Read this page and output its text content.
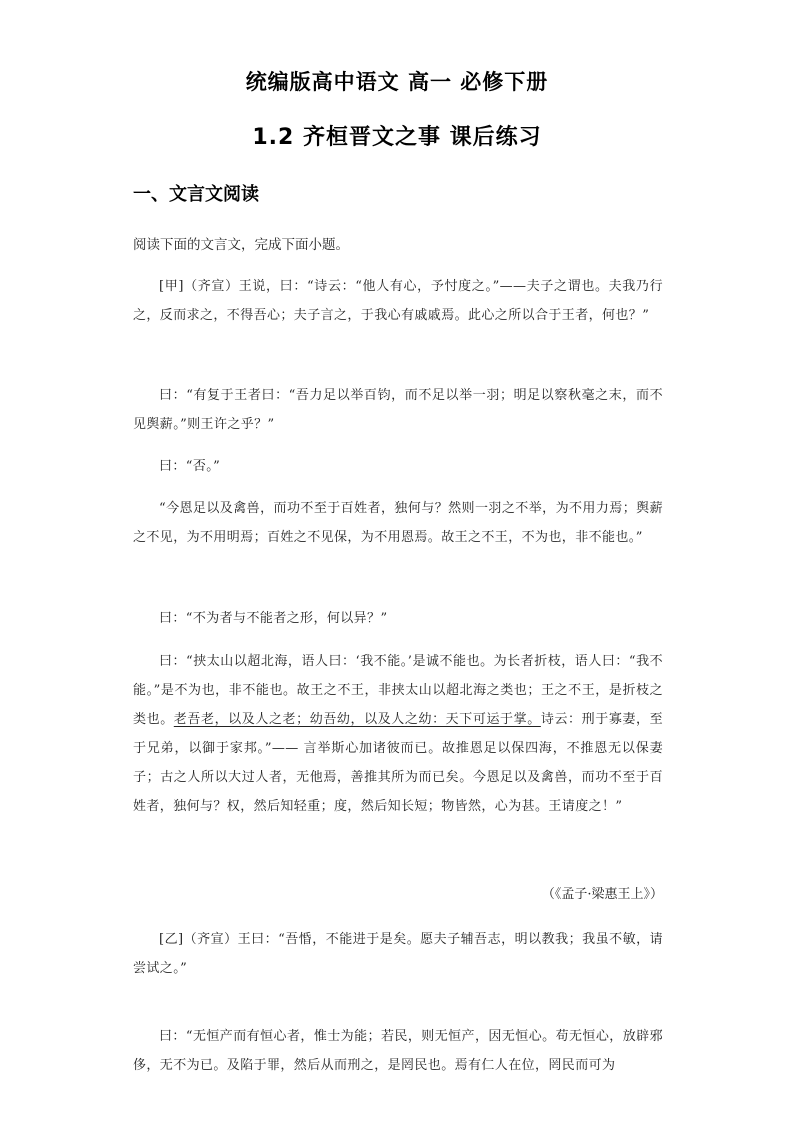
统编版高中语文 高一 必修下册
1.2 齐桓晋文之事 课后练习
一、文言文阅读
阅读下面的文言文，完成下面小题。
[甲]（齐宣）王说，曰：“诗云：“他人有心，予忖度之。”——夫子之谓也。夫我乃行之，反而求之，不得吾心；夫子言之，于我心有戚戚焉。此心之所以合于王者，何也？”
曰：“有复于王者曰：“吾力足以举百钧，而不足以举一羽；明足以察秋毫之末，而不见舆薪。”则王许之乎？”
曰：“否。”
“今恩足以及禽兽，而功不至于百姓者，独何与？然则一羽之不举，为不用力焉；舆薪之不见，为不用明焉；百姓之不见保，为不用恩焉。故王之不王，不为也，非不能也。”
曰：“不为者与不能者之形，何以异？”
曰：“挟太山以超北海，语人曰：‘我不能。’是诚不能也。为长者折枝，语人曰：“我不能。”是不为也，非不能也。故王之不王，非挟太山以超北海之类也；王之不王，是折枝之类也。老吾老，以及人之老；幼吾幼，以及人之幼：天下可运于掌。诗云：刑于寡妻，至于兄弟，以御于家邦。”—— 言举斯心加诸彼而已。故推恩足以保四海，不推恩无以保妻子；古之人所以大过人者，无他焉，善推其所为而已矣。今恩足以及禽兽，而功不至于百姓者，独何与？权，然后知轻重；度，然后知长短；物皆然，心为甚。王请度之！”
（《孟子·梁惠王上》）
[乙]（齐宣）王曰：“吾惛，不能进于是矣。愿夫子辅吾志，明以教我；我虽不敏，请尝试之。”
曰：“无恒产而有恒心者，惟士为能；若民，则无恒产，因无恒心。苟无恒心，放辟邪侈，无不为已。及陷于罪，然后从而刑之，是罔民也。焉有仁人在位，罔民而可为
